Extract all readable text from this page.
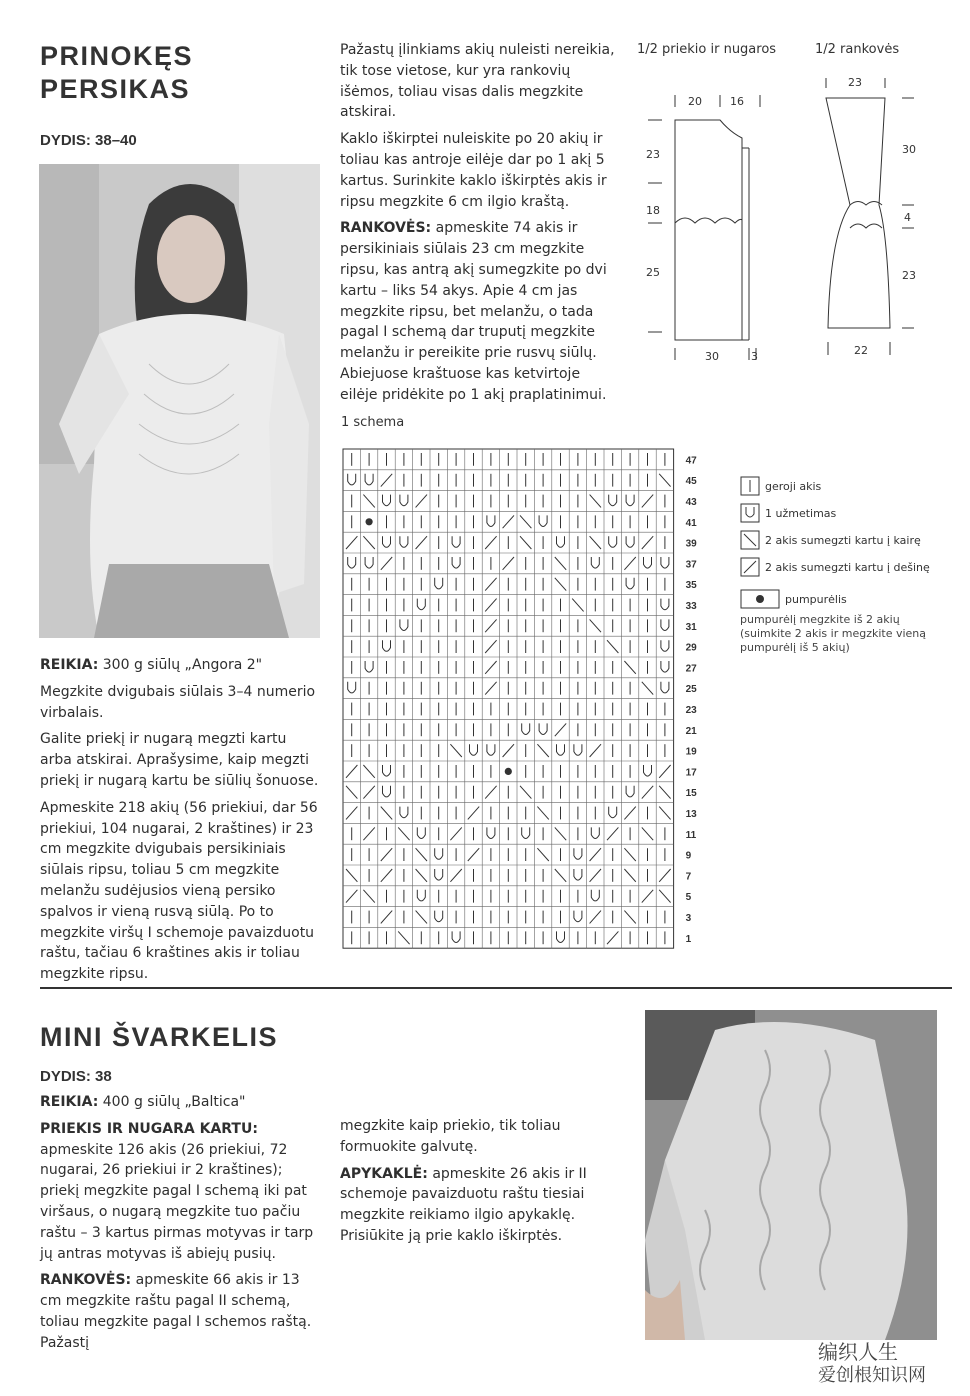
PRINOKĘS
PERSIKAS
DYDIS: 38–40

REIKIA: 300 g siūlų „Angora 2"

Megzkite dvigubais siūlais 3–4 numerio virbalais.

Galite priekį ir nugarą megzti kartu arba atskirai. Aprašysime, kaip megzti priekį ir nugarą kartu be siūlių šonuose.

Apmeskite 218 akių (56 priekiui, dar 56 priekiui, 104 nugarai, 2 kraštines) ir 23 cm megzkite dvigubais persikiniais siūlais ripsu, toliau 5 cm megzkite melanžu sudėjusios vieną persiko spalvos ir vieną rusvą siūlą. Po to megzkite viršų I schemoje pavaizduotu raštu, tačiau 6 kraštines akis ir toliau megzkite ripsu.

Pažastų įlinkiams akių nuleisti nereikia, tik tose vietose, kur yra rankovių išėmos, toliau visas dalis megzkite atskirai.

Kaklo iškirptei nuleiskite po 20 akių ir toliau kas antroje eilėje dar po 1 akį 5 kartus. Surinkite kaklo iškirptės akis ir ripsu megzkite 6 cm ilgio kraštą.

RANKOVĖS: apmeskite 74 akis ir persikiniais siūlais 23 cm megzkite ripsu, kas antrą akį sumegzkite po dvi kartu – liks 54 akys. Apie 4 cm jas megzkite ripsu, bet melanžu, o tada pagal I schemą dar truputį megzkite melanžu ir pereikite prie rusvų siūlų. Abiejuose kraštuose kas ketvirtoje eilėje pridėkite po 1 akį praplatinimui.

1/2 priekio ir nugaros	1/2 rankovės
20	16
23
18
25
30	3
23
30
4
23
22
1 schema
47
45
43
41
39
37
35
33
31
29
27
25
23
21
19
17
15
13
11
9
7
5
3
1
geroji akis
1 užmetimas
2 akis sumegzti kartu į kairę
2 akis sumegzti kartu į dešinę
pumpurėlis
pumpurėlį megzkite iš 2 akių
(suimkite 2 akis ir megzkite vieną
pumpurėlį iš 5 akių)
MINI ŠVARKELIS
DYDIS: 38

REIKIA: 400 g siūlų „Baltica"

PRIEKIS IR NUGARA KARTU: apmeskite 126 akis (26 priekiui, 72 nugarai, 26 priekiui ir 2 kraštines); priekį megzkite pagal I schemą iki pat viršaus, o nugarą megzkite tuo pačiu raštu – 3 kartus pirmas motyvas ir tarp jų antras motyvas iš abiejų pusių.

RANKOVĖS: apmeskite 66 akis ir 13 cm megzkite raštu pagal II schemą, toliau megzkite pagal I schemos raštą. Pažastį

megzkite kaip priekio, tik toliau formuokite galvutę.

APYKAKLĖ: apmeskite 26 akis ir II schemoje pavaizduotu raštu tiesiai megzkite reikiamo ilgio apykaklę. Prisiūkite ją prie kaklo iškirptės.

编织人生
爱创根知识网
